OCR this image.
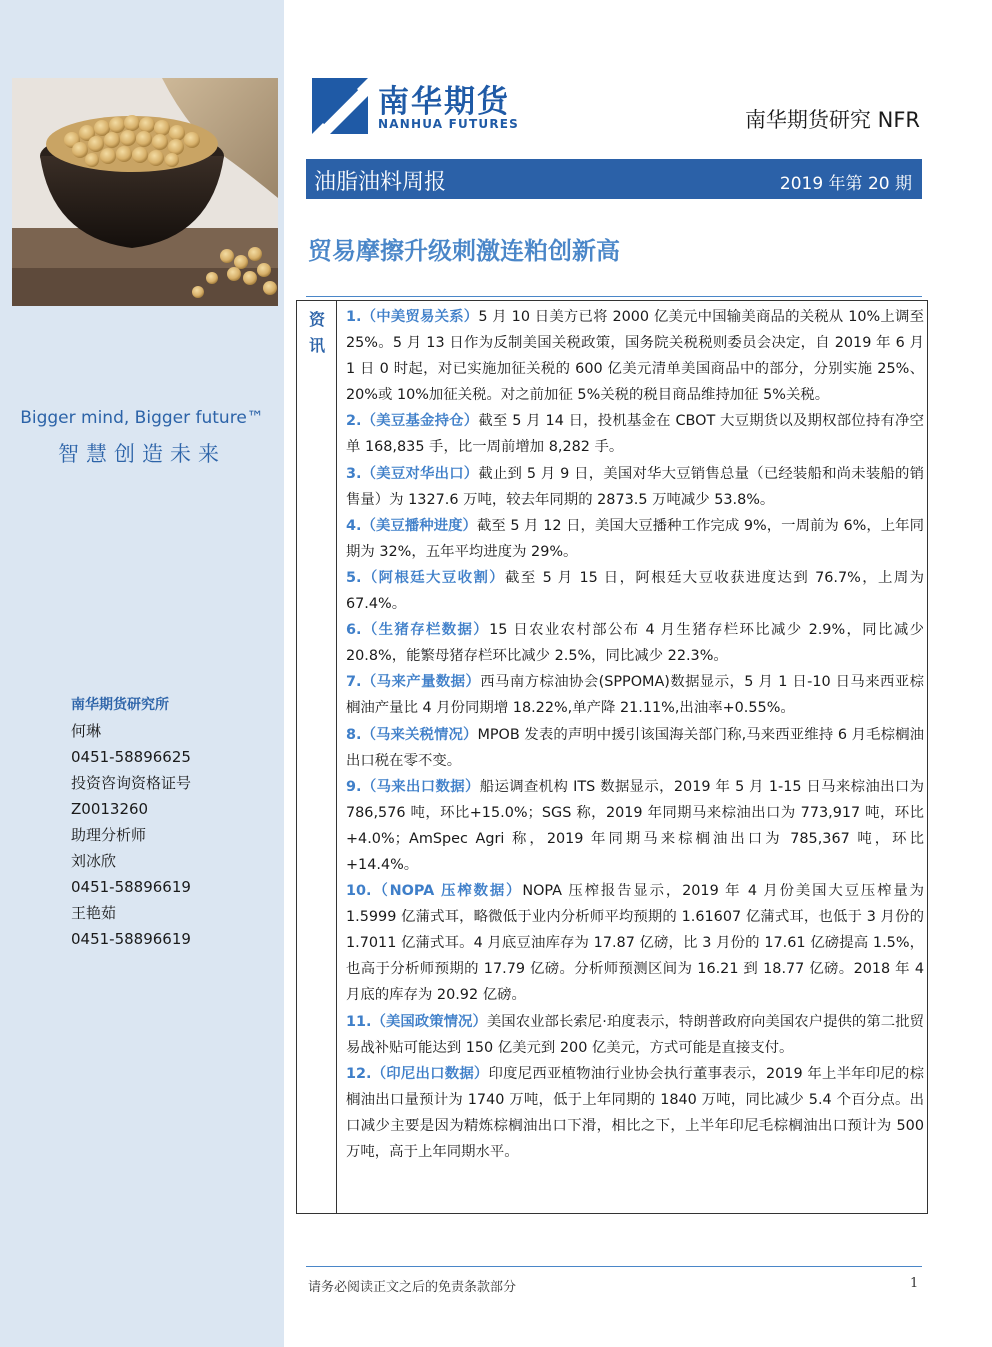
Bigger mind, Bigger future™
智慧创造未来
南华期货研究所
何琳
0451-58896625
投资咨询资格证号
Z0013260
助理分析师
刘冰欣
0451-58896619
王艳茹
0451-58896619
南华期货
NANHUA FUTURES	南华期货研究 NFR
油脂油料周报	2019 年第 20 期
贸易摩擦升级刺激连粕创新高
资讯

1.（中美贸易关系）5 月 10 日美方已将 2000 亿美元中国输美商品的关税从 10%上调至 25%。5 月 13 日作为反制美国关税政策，国务院关税税则委员会决定，自 2019 年 6 月 1 日 0 时起，对已实施加征关税的 600 亿美元清单美国商品中的部分，分别实施 25%、20%或 10%加征关税。对之前加征 5%关税的税目商品维持加征 5%关税。

2.（美豆基金持仓）截至 5 月 14 日，投机基金在 CBOT 大豆期货以及期权部位持有净空单 168,835 手，比一周前增加 8,282 手。

3.（美豆对华出口）截止到 5 月 9 日，美国对华大豆销售总量（已经装船和尚未装船的销售量）为 1327.6 万吨，较去年同期的 2873.5 万吨减少 53.8%。

4.（美豆播种进度）截至 5 月 12 日，美国大豆播种工作完成 9%，一周前为 6%，上年同期为 32%，五年平均进度为 29%。

5.（阿根廷大豆收割）截至 5 月 15 日，阿根廷大豆收获进度达到 76.7%，上周为 67.4%。

6.（生猪存栏数据）15 日农业农村部公布 4 月生猪存栏环比减少 2.9%，同比减少 20.8%，能繁母猪存栏环比减少 2.5%，同比减少 22.3%。

7.（马来产量数据）西马南方棕油协会(SPPOMA)数据显示，5 月 1 日-10 日马来西亚棕榈油产量比 4 月份同期增 18.22%,单产降 21.11%,出油率+0.55%。

8.（马来关税情况）MPOB 发表的声明中援引该国海关部门称,马来西亚维持 6 月毛棕榈油出口税在零不变。

9.（马来出口数据）船运调查机构 ITS 数据显示，2019 年 5 月 1-15 日马来棕油出口为 786,576 吨，环比+15.0%；SGS 称，2019 年同期马来棕油出口为 773,917 吨，环比+4.0%；AmSpec Agri 称，2019 年同期马来棕榈油出口为 785,367 吨，环比+14.4%。

10.（NOPA 压榨数据）NOPA 压榨报告显示，2019 年 4 月份美国大豆压榨量为 1.5999 亿蒲式耳，略微低于业内分析师平均预期的 1.61607 亿蒲式耳，也低于 3 月份的 1.7011 亿蒲式耳。4 月底豆油库存为 17.87 亿磅，比 3 月份的 17.61 亿磅提高 1.5%，也高于分析师预期的 17.79 亿磅。分析师预测区间为 16.21 到 18.77 亿磅。2018 年 4 月底的库存为 20.92 亿磅。

11.（美国政策情况）美国农业部长索尼·珀度表示，特朗普政府向美国农户提供的第二批贸易战补贴可能达到 150 亿美元到 200 亿美元，方式可能是直接支付。

12.（印尼出口数据）印度尼西亚植物油行业协会执行董事表示，2019 年上半年印尼的棕榈油出口量预计为 1740 万吨，低于上年同期的 1840 万吨，同比减少 5.4 个百分点。出口减少主要是因为精炼棕榈油出口下滑，相比之下，上半年印尼毛棕榈油出口预计为 500 万吨，高于上年同期水平。

请务必阅读正文之后的免责条款部分	1
